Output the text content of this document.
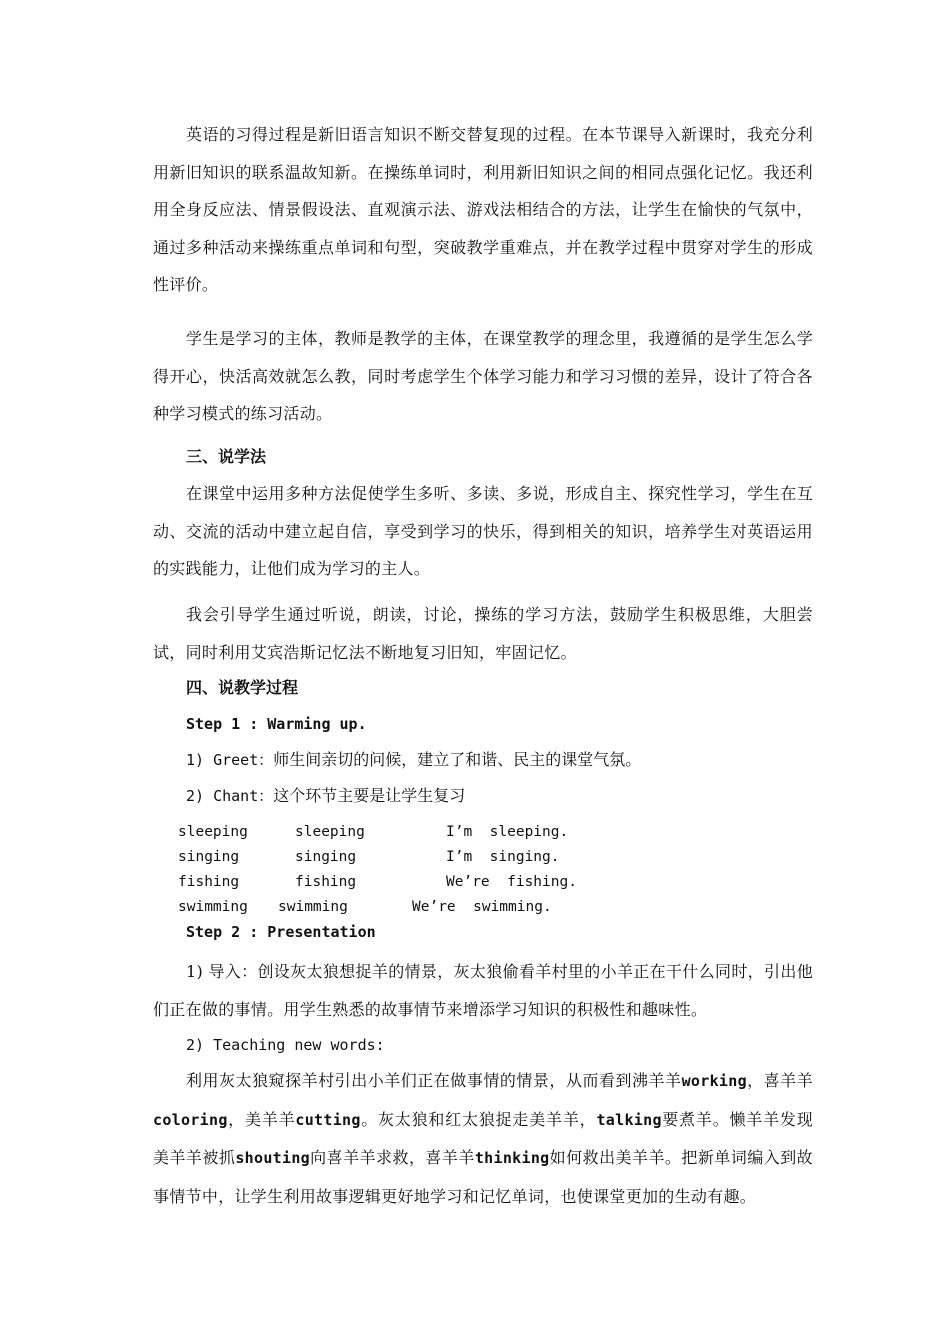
英语的习得过程是新旧语言知识不断交替复现的过程。在本节课导入新课时，我充分利用新旧知识的联系温故知新。在操练单词时，利用新旧知识之间的相同点强化记忆。我还利用全身反应法、情景假设法、直观演示法、游戏法相结合的方法，让学生在愉快的气氛中，通过多种活动来操练重点单词和句型，突破教学重难点，并在教学过程中贯穿对学生的形成性评价。

学生是学习的主体，教师是教学的主体，在课堂教学的理念里，我遵循的是学生怎么学得开心，快活高效就怎么教，同时考虑学生个体学习能力和学习习惯的差异，设计了符合各种学习模式的练习活动。

三、说学法

在课堂中运用多种方法促使学生多听、多读、多说，形成自主、探究性学习，学生在互动、交流的活动中建立起自信，享受到学习的快乐，得到相关的知识，培养学生对英语运用的实践能力，让他们成为学习的主人。

我会引导学生通过听说，朗读，讨论，操练的学习方法，鼓励学生积极思维，大胆尝试，同时利用艾宾浩斯记忆法不断地复习旧知，牢固记忆。

四、说教学过程
Step 1 : Warming up.
1) Greet：师生间亲切的问候，建立了和谐、民主的课堂气氛。
2) Chant：这个环节主要是让学生复习
sleeping	sleeping	I’m  sleeping.
singing	singing	I’m  singing.
fishing	fishing	We’re  fishing.
swimming swimming	We’re  swimming.
Step 2 : Presentation

1) 导入：创设灰太狼想捉羊的情景，灰太狼偷看羊村里的小羊正在干什么同时，引出他们正在做的事情。用学生熟悉的故事情节来增添学习知识的积极性和趣味性。

2) Teaching new words:

利用灰太狼窥探羊村引出小羊们正在做事情的情景，从而看到沸羊羊working，喜羊羊coloring，美羊羊cutting。灰太狼和红太狼捉走美羊羊，talking要煮羊。懒羊羊发现美羊羊被抓shouting向喜羊羊求救，喜羊羊thinking如何救出美羊羊。把新单词编入到故事情节中，让学生利用故事逻辑更好地学习和记忆单词，也使课堂更加的生动有趣。
